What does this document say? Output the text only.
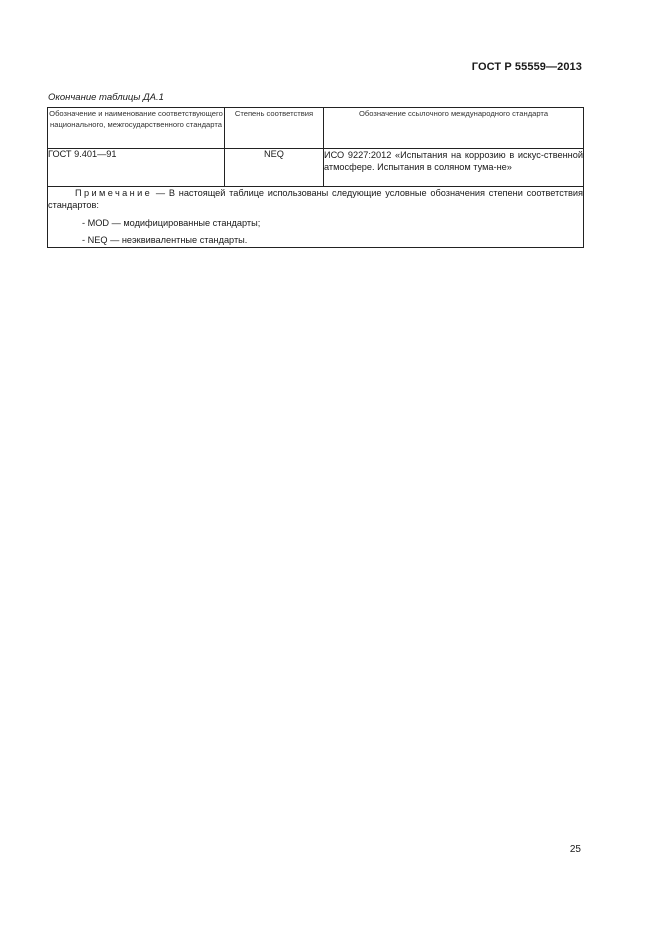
ГОСТ Р 55559—2013
Окончание таблицы ДА.1
Обозначение и наименование соответствующего национального, межгосударственного стандарта	Степень соответствия	Обозначение ссылочного международного стандарта
ГОСТ 9.401—91	NEQ	ИСО 9227:2012 «Испытания на коррозию в искус-ственной атмосфере. Испытания в соляном тума-не»

Примечание — В настоящей таблице использованы следующие условные обозначения степени соответствия стандартов:

- MOD — модифицированные стандарты;
- NEQ — неэквивалентные стандарты.		
25
